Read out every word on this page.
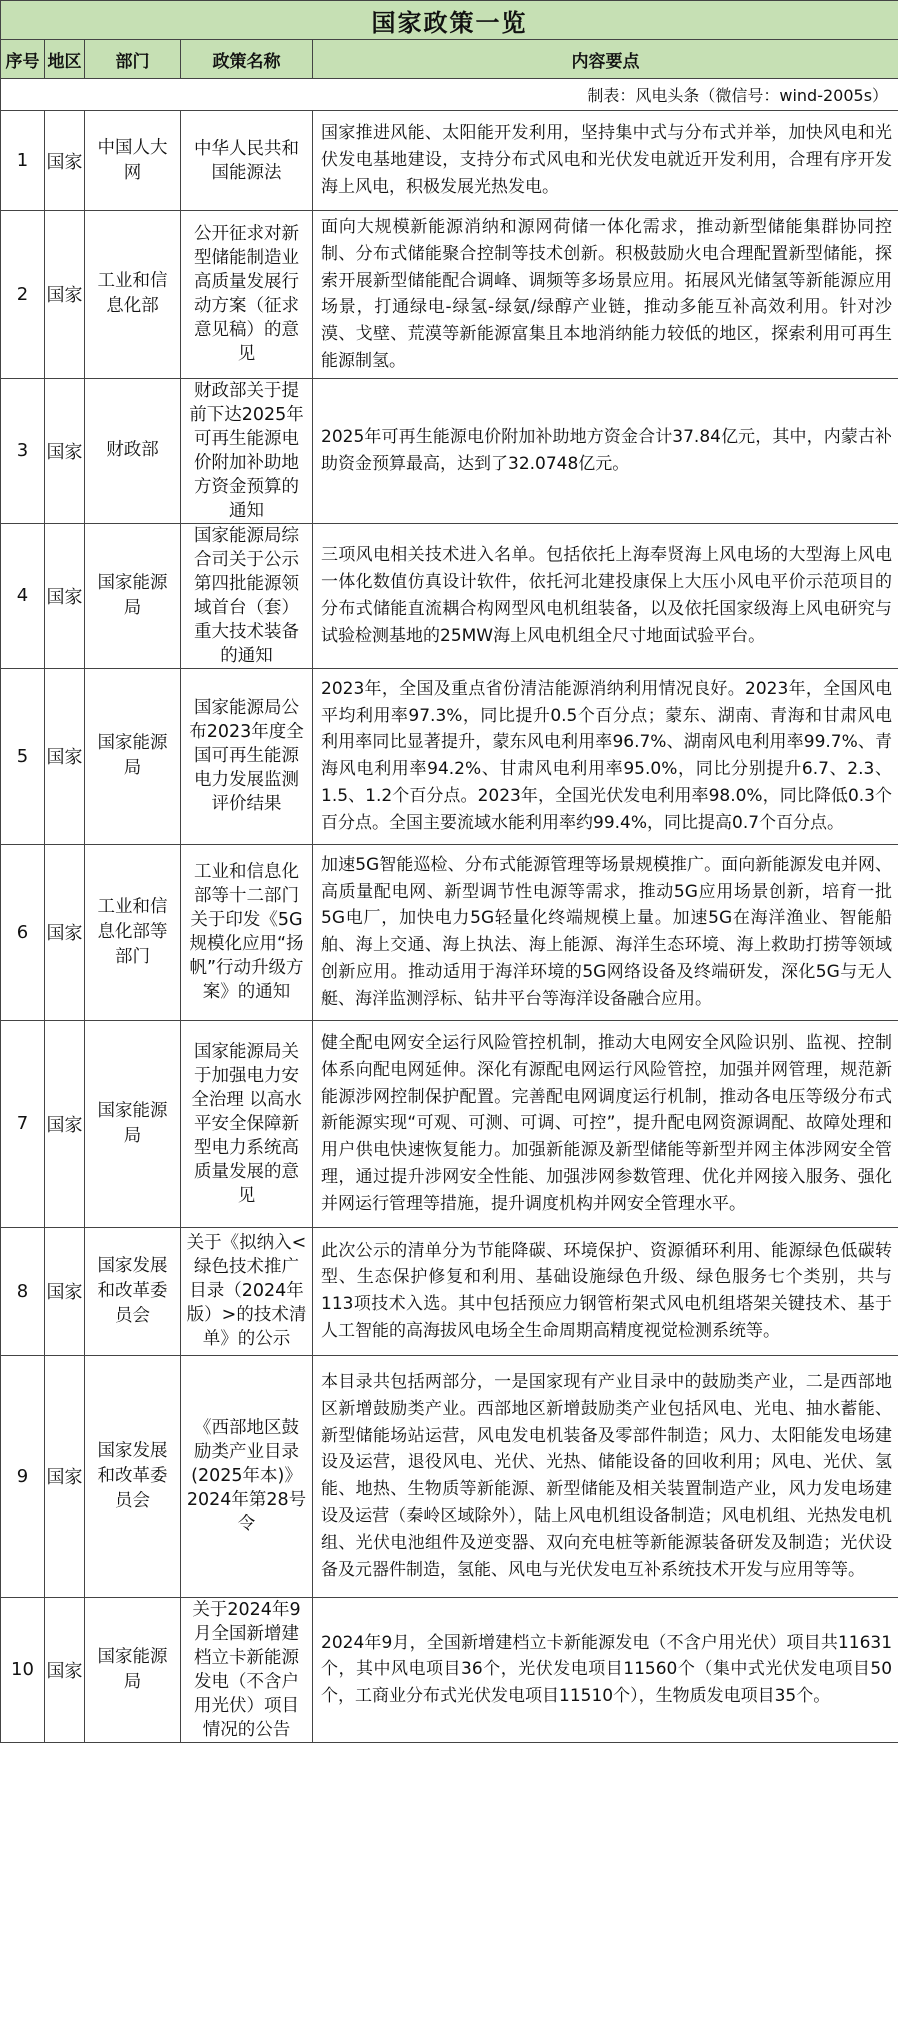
国家政策一览				
序号	地区	部门	政策名称	内容要点
制表：风电头条（微信号：wind-2005s）				
1	国家	中国人大网	中华人民共和国能源法	国家推进风能、太阳能开发利用，坚持集中式与分布式并举，加快风电和光伏发电基地建设，支持分布式风电和光伏发电就近开发利用，合理有序开发海上风电，积极发展光热发电。
2	国家	工业和信息化部	公开征求对新型储能制造业高质量发展行动方案（征求意见稿）的意见	面向大规模新能源消纳和源网荷储一体化需求，推动新型储能集群协同控制、分布式储能聚合控制等技术创新。积极鼓励火电合理配置新型储能，探索开展新型储能配合调峰、调频等多场景应用。拓展风光储氢等新能源应用场景，打通绿电-绿氢-绿氨/绿醇产业链，推动多能互补高效利用。针对沙漠、戈壁、荒漠等新能源富集且本地消纳能力较低的地区，探索利用可再生能源制氢。
3	国家	财政部	财政部关于提前下达2025年可再生能源电价附加补助地方资金预算的通知	2025年可再生能源电价附加补助地方资金合计37.84亿元，其中，内蒙古补助资金预算最高，达到了32.0748亿元。
4	国家	国家能源局	国家能源局综合司关于公示第四批能源领域首台（套）重大技术装备的通知	三项风电相关技术进入名单。包括依托上海奉贤海上风电场的大型海上风电一体化数值仿真设计软件，依托河北建投康保上大压小风电平价示范项目的分布式储能直流耦合构网型风电机组装备，以及依托国家级海上风电研究与试验检测基地的25MW海上风电机组全尺寸地面试验平台。
5	国家	国家能源局	国家能源局公布2023年度全国可再生能源电力发展监测评价结果	2023年，全国及重点省份清洁能源消纳利用情况良好。2023年，全国风电平均利用率97.3%，同比提升0.5个百分点；蒙东、湖南、青海和甘肃风电利用率同比显著提升，蒙东风电利用率96.7%、湖南风电利用率99.7%、青海风电利用率94.2%、甘肃风电利用率95.0%，同比分别提升6.7、2.3、1.5、1.2个百分点。2023年，全国光伏发电利用率98.0%，同比降低0.3个百分点。全国主要流域水能利用率约99.4%，同比提高0.7个百分点。
6	国家	工业和信息化部等部门	工业和信息化部等十二部门关于印发《5G规模化应用“扬帆”行动升级方案》的通知	加速5G智能巡检、分布式能源管理等场景规模推广。面向新能源发电并网、高质量配电网、新型调节性电源等需求，推动5G应用场景创新，培育一批5G电厂，加快电力5G轻量化终端规模上量。加速5G在海洋渔业、智能船舶、海上交通、海上执法、海上能源、海洋生态环境、海上救助打捞等领域创新应用。推动适用于海洋环境的5G网络设备及终端研发，深化5G与无人艇、海洋监测浮标、钻井平台等海洋设备融合应用。
7	国家	国家能源局	国家能源局关于加强电力安全治理 以高水平安全保障新型电力系统高质量发展的意见	健全配电网安全运行风险管控机制，推动大电网安全风险识别、监视、控制体系向配电网延伸。深化有源配电网运行风险管控，加强并网管理，规范新能源涉网控制保护配置。完善配电网调度运行机制，推动各电压等级分布式新能源实现“可观、可测、可调、可控”，提升配电网资源调配、故障处理和用户供电快速恢复能力。加强新能源及新型储能等新型并网主体涉网安全管理，通过提升涉网安全性能、加强涉网参数管理、优化并网接入服务、强化并网运行管理等措施，提升调度机构并网安全管理水平。
8	国家	国家发展和改革委员会	关于《拟纳入<绿色技术推广目录（2024年版）>的技术清单》的公示	此次公示的清单分为节能降碳、环境保护、资源循环利用、能源绿色低碳转型、生态保护修复和利用、基础设施绿色升级、绿色服务七个类别，共与113项技术入选。其中包括预应力钢管桁架式风电机组塔架关键技术、基于人工智能的高海拔风电场全生命周期高精度视觉检测系统等。
9	国家	国家发展和改革委员会	《西部地区鼓励类产业目录(2025年本)》2024年第28号令	本目录共包括两部分，一是国家现有产业目录中的鼓励类产业，二是西部地区新增鼓励类产业。西部地区新增鼓励类产业包括风电、光电、抽水蓄能、新型储能场站运营，风电发电机装备及零部件制造；风力、太阳能发电场建设及运营，退役风电、光伏、光热、储能设备的回收利用；风电、光伏、氢能、地热、生物质等新能源、新型储能及相关装置制造产业，风力发电场建设及运营（秦岭区域除外），陆上风电机组设备制造；风电机组、光热发电机组、光伏电池组件及逆变器、双向充电桩等新能源装备研发及制造；光伏设备及元器件制造，氢能、风电与光伏发电互补系统技术开发与应用等等。
10	国家	国家能源局	关于2024年9月全国新增建档立卡新能源发电（不含户用光伏）项目情况的公告	2024年9月，全国新增建档立卡新能源发电（不含户用光伏）项目共11631个，其中风电项目36个，光伏发电项目11560个（集中式光伏发电项目50个，工商业分布式光伏发电项目11510个），生物质发电项目35个。
